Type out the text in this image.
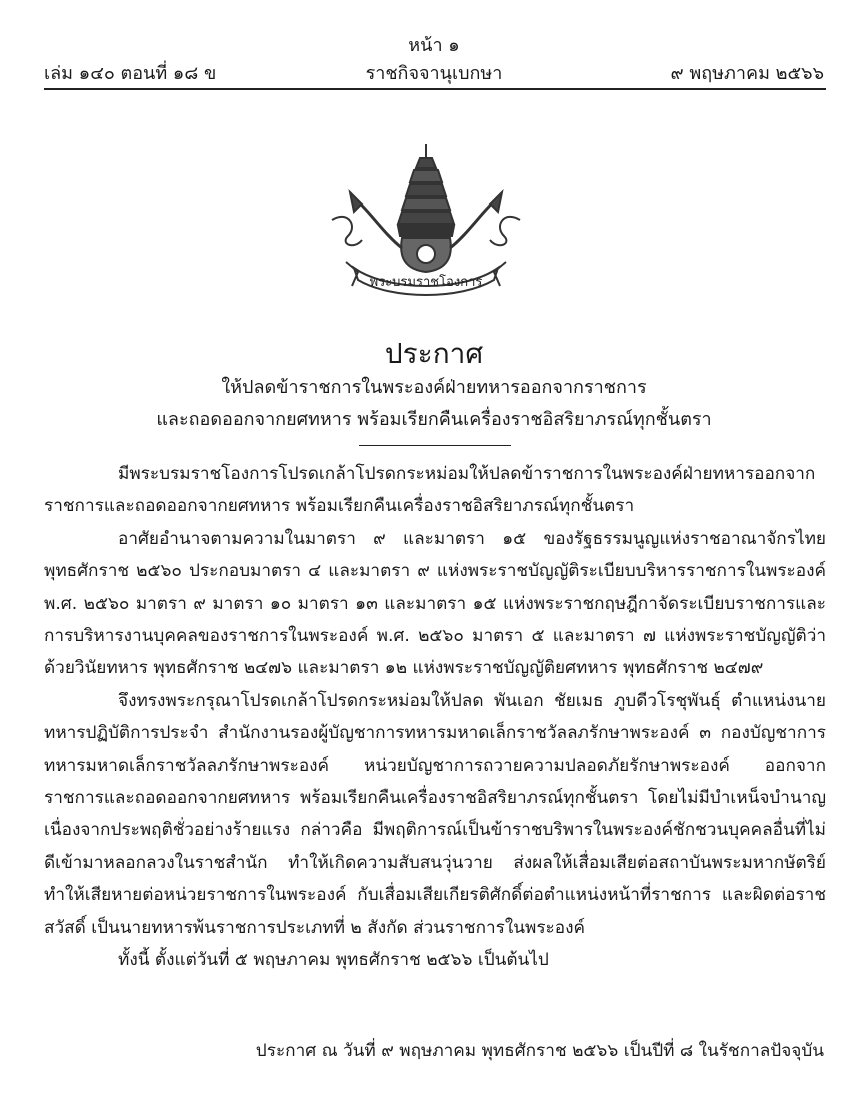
หน้า ๑
เล่ม ๑๔๐ ตอนที่ ๑๘ ข	ราชกิจจานุเบกษา	๙ พฤษภาคม ๒๕๖๖
พระบรมราชโองการ
ประกาศ
ให้ปลดข้าราชการในพระองค์ฝ่ายทหารออกจากราชการ
และถอดออกจากยศทหาร พร้อมเรียกคืนเครื่องราชอิสริยาภรณ์ทุกชั้นตรา

มีพระบรมราชโองการโปรดเกล้าโปรดกระหม่อมให้ปลดข้าราชการในพระองค์ฝ่ายทหารออกจากราชการและถอดออกจากยศทหาร พร้อมเรียกคืนเครื่องราชอิสริยาภรณ์ทุกชั้นตรา

อาศัยอำนาจตามความในมาตรา ๙ และมาตรา ๑๕ ของรัฐธรรมนูญแห่งราชอาณาจักรไทย พุทธศักราช ๒๕๖๐ ประกอบมาตรา ๔ และมาตรา ๙ แห่งพระราชบัญญัติระเบียบบริหารราชการในพระองค์ พ.ศ. ๒๕๖๐ มาตรา ๙ มาตรา ๑๐ มาตรา ๑๓ และมาตรา ๑๕ แห่งพระราชกฤษฎีกาจัดระเบียบราชการและการบริหารงานบุคคลของราชการในพระองค์ พ.ศ. ๒๕๖๐ มาตรา ๕ และมาตรา ๗ แห่งพระราชบัญญัติว่าด้วยวินัยทหาร พุทธศักราช ๒๔๗๖ และมาตรา ๑๒ แห่งพระราชบัญญัติยศทหาร พุทธศักราช ๒๔๗๙

จึงทรงพระกรุณาโปรดเกล้าโปรดกระหม่อมให้ปลด พันเอก ชัยเมธ ภูบดีวโรชุพันธุ์ ตำแหน่งนายทหารปฏิบัติการประจำ สำนักงานรองผู้บัญชาการทหารมหาดเล็กราชวัลลภรักษาพระองค์ ๓ กองบัญชาการทหารมหาดเล็กราชวัลลภรักษาพระองค์ หน่วยบัญชาการถวายความปลอดภัยรักษาพระองค์ ออกจากราชการและถอดออกจากยศทหาร พร้อมเรียกคืนเครื่องราชอิสริยาภรณ์ทุกชั้นตรา โดยไม่มีบำเหน็จบำนาญ เนื่องจากประพฤติชั่วอย่างร้ายแรง กล่าวคือ มีพฤติการณ์เป็นข้าราชบริพารในพระองค์ชักชวนบุคคลอื่นที่ไม่ดีเข้ามาหลอกลวงในราชสำนัก ทำให้เกิดความสับสนวุ่นวาย ส่งผลให้เสื่อมเสียต่อสถาบันพระมหากษัตริย์ ทำให้เสียหายต่อหน่วยราชการในพระองค์ กับเสื่อมเสียเกียรติศักดิ์ต่อตำแหน่งหน้าที่ราชการ และผิดต่อราชสวัสดิ์ เป็นนายทหารพ้นราชการประเภทที่ ๒ สังกัด ส่วนราชการในพระองค์

ทั้งนี้ ตั้งแต่วันที่ ๕ พฤษภาคม พุทธศักราช ๒๕๖๖ เป็นต้นไป

ประกาศ ณ วันที่ ๙ พฤษภาคม พุทธศักราช ๒๕๖๖ เป็นปีที่ ๘ ในรัชกาลปัจจุบัน
